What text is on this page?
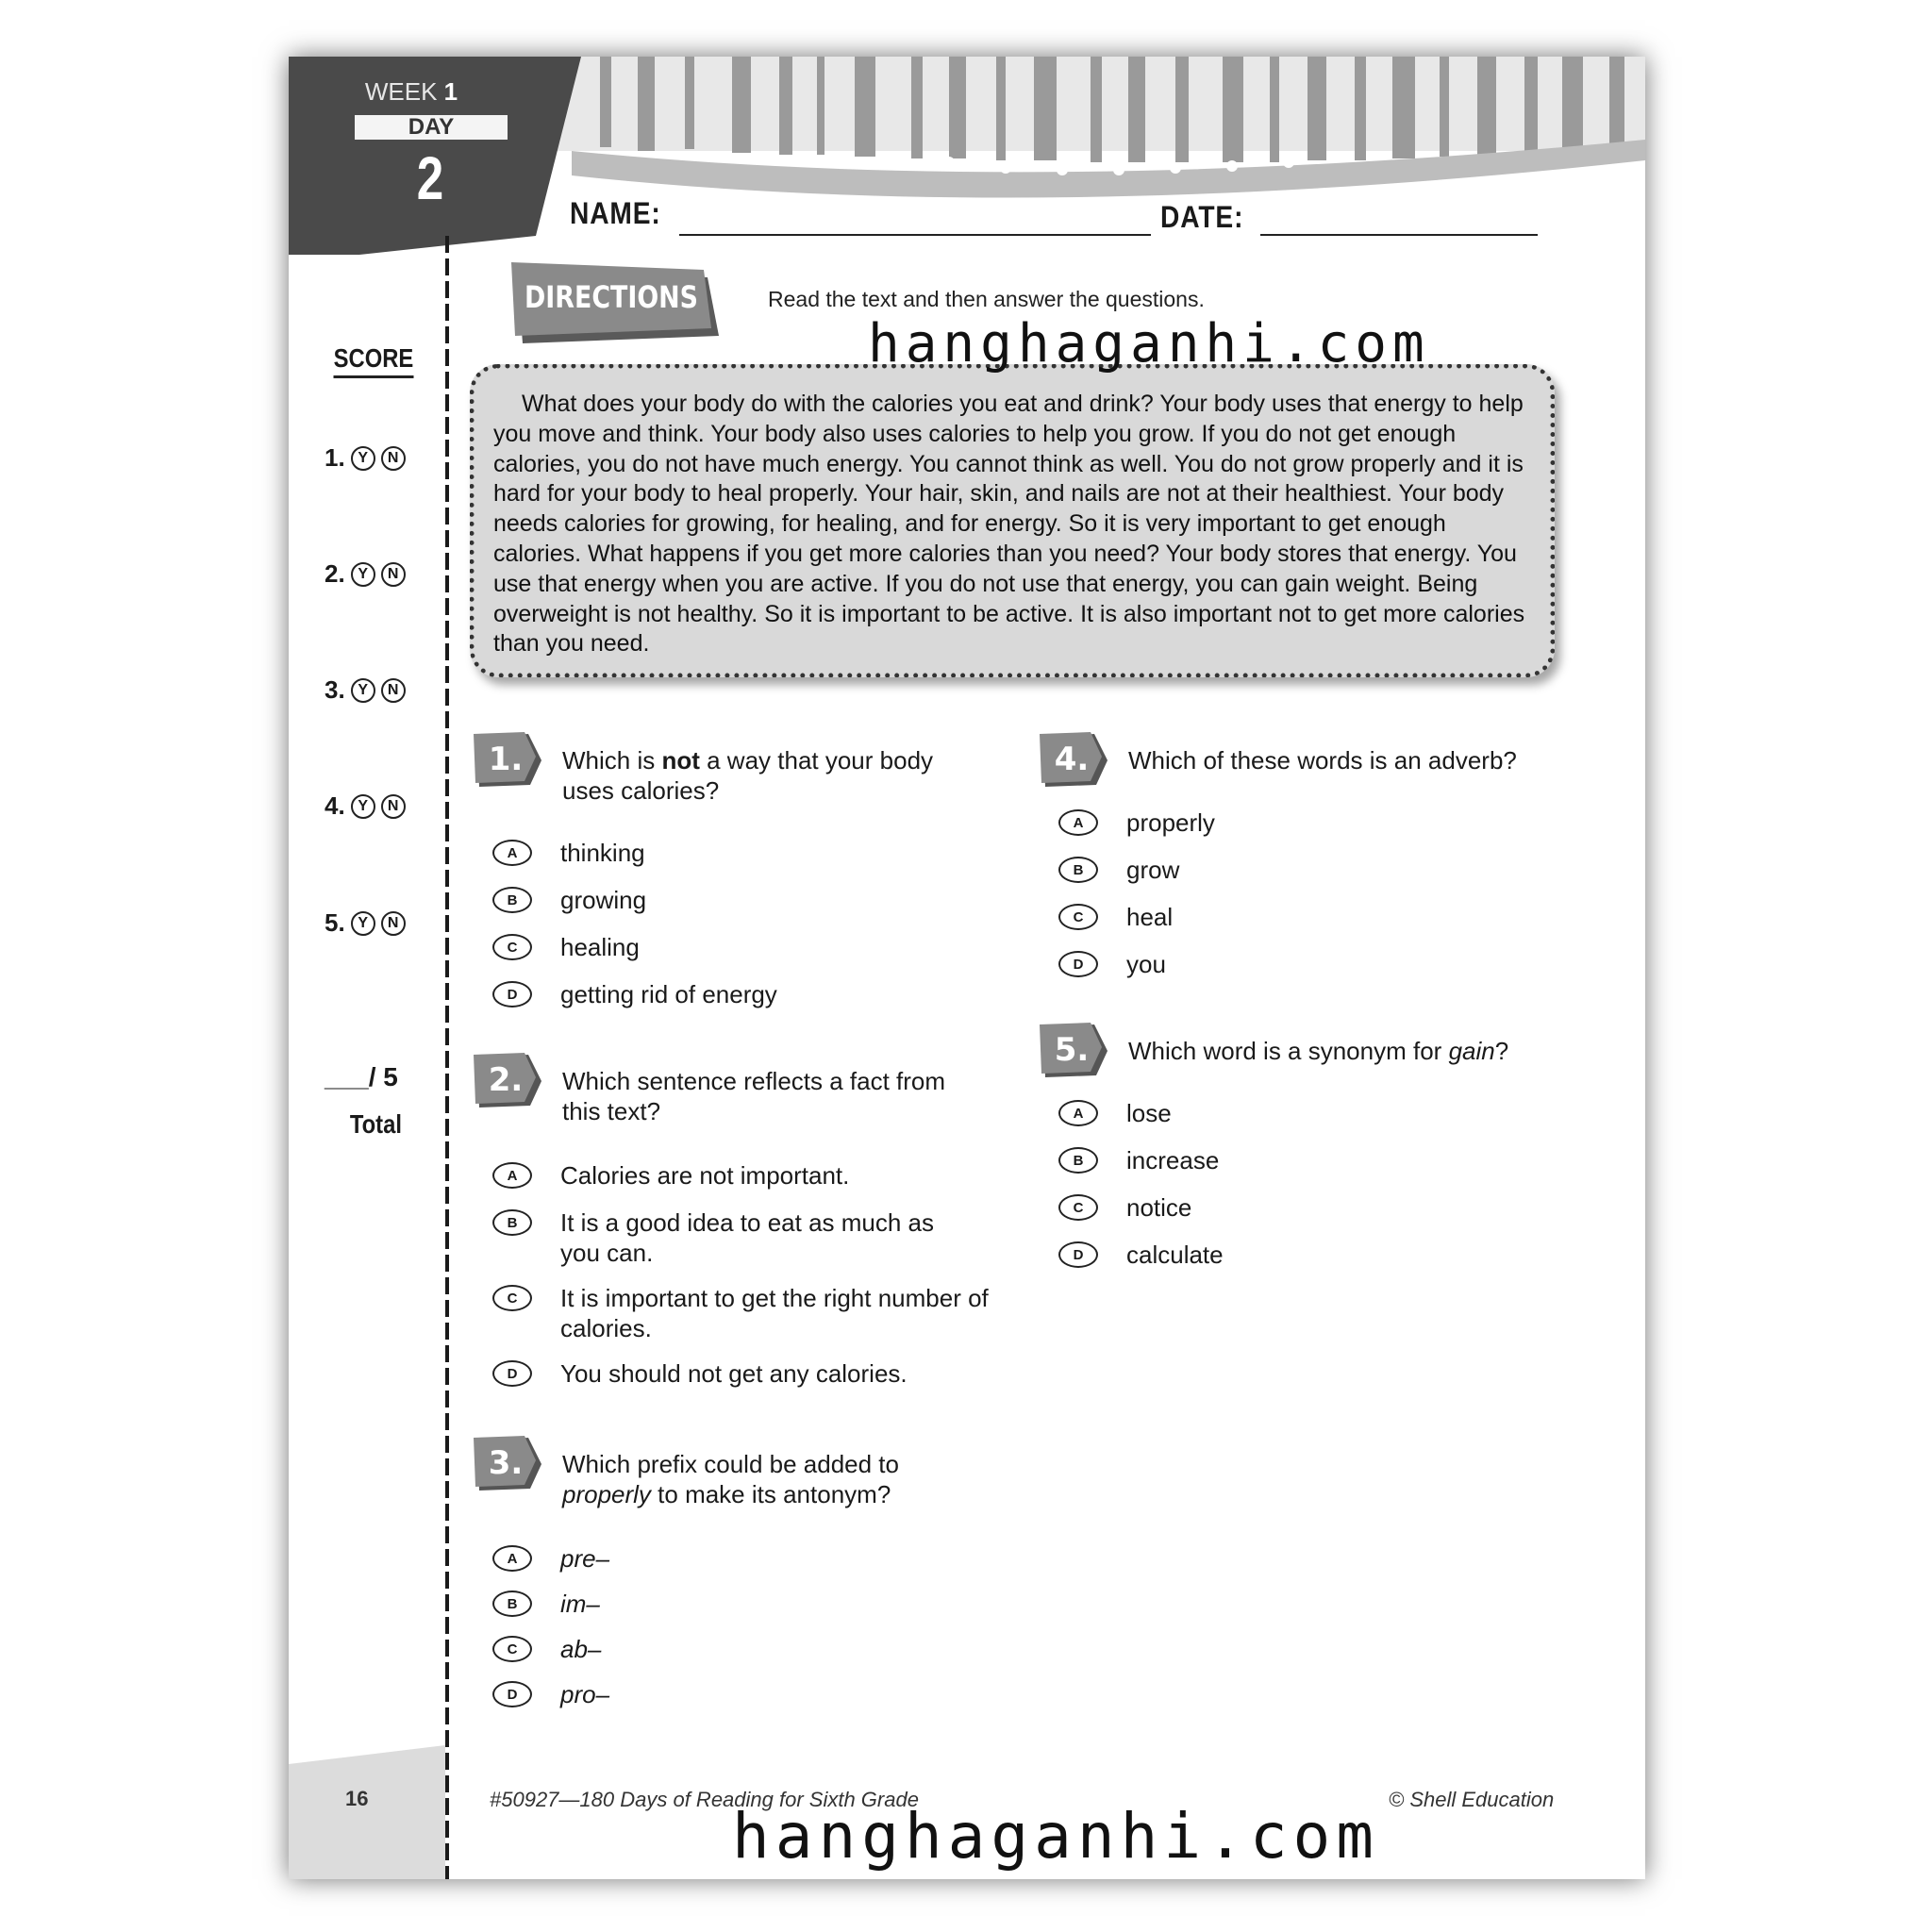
WEEK 1
DAY
2
NAME:	DATE:
DIRECTIONS	Read the text and then answer the questions.
SCORE
1. Y	N
2. Y	N
3. Y	N
4. Y	N
5. Y	N
___/ 5
Total
What does your body do with the calories you eat and drink? Your body uses that energy to help you move and think. Your body also uses calories to help you grow. If you do not get enough calories, you do not have much energy. You cannot think as well. You do not grow properly and it is hard for your body to heal properly. Your hair, skin, and nails are not at their healthiest. Your body needs calories for growing, for healing, and for energy. So it is very important to get enough calories. What happens if you get more calories than you need? Your body stores that energy. You use that energy when you are active. If you do not use that energy, you can gain weight. Being overweight is not healthy. So it is important to be active. It is also important not to get more calories than you need.
1. Which is not a way that your body uses calories?
A	thinking
B	growing
C	healing
D	getting rid of energy
2. Which sentence reflects a fact from this text?
A	Calories are not important.
B	It is a good idea to eat as much as you can.
C	It is important to get the right number of calories.
D	You should not get any calories.
3. Which prefix could be added to properly to make its antonym?
A	pre–
B	im–
C	ab–
D	pro–
4. Which of these words is an adverb?
A	properly
B	grow
C	heal
D	you
5. Which word is a synonym for gain?
A	lose
B	increase
C	notice
D	calculate
16	#50927—180 Days of Reading for Sixth Grade	© Shell Education
hanghaganhi.com
hanghaganhi.com
